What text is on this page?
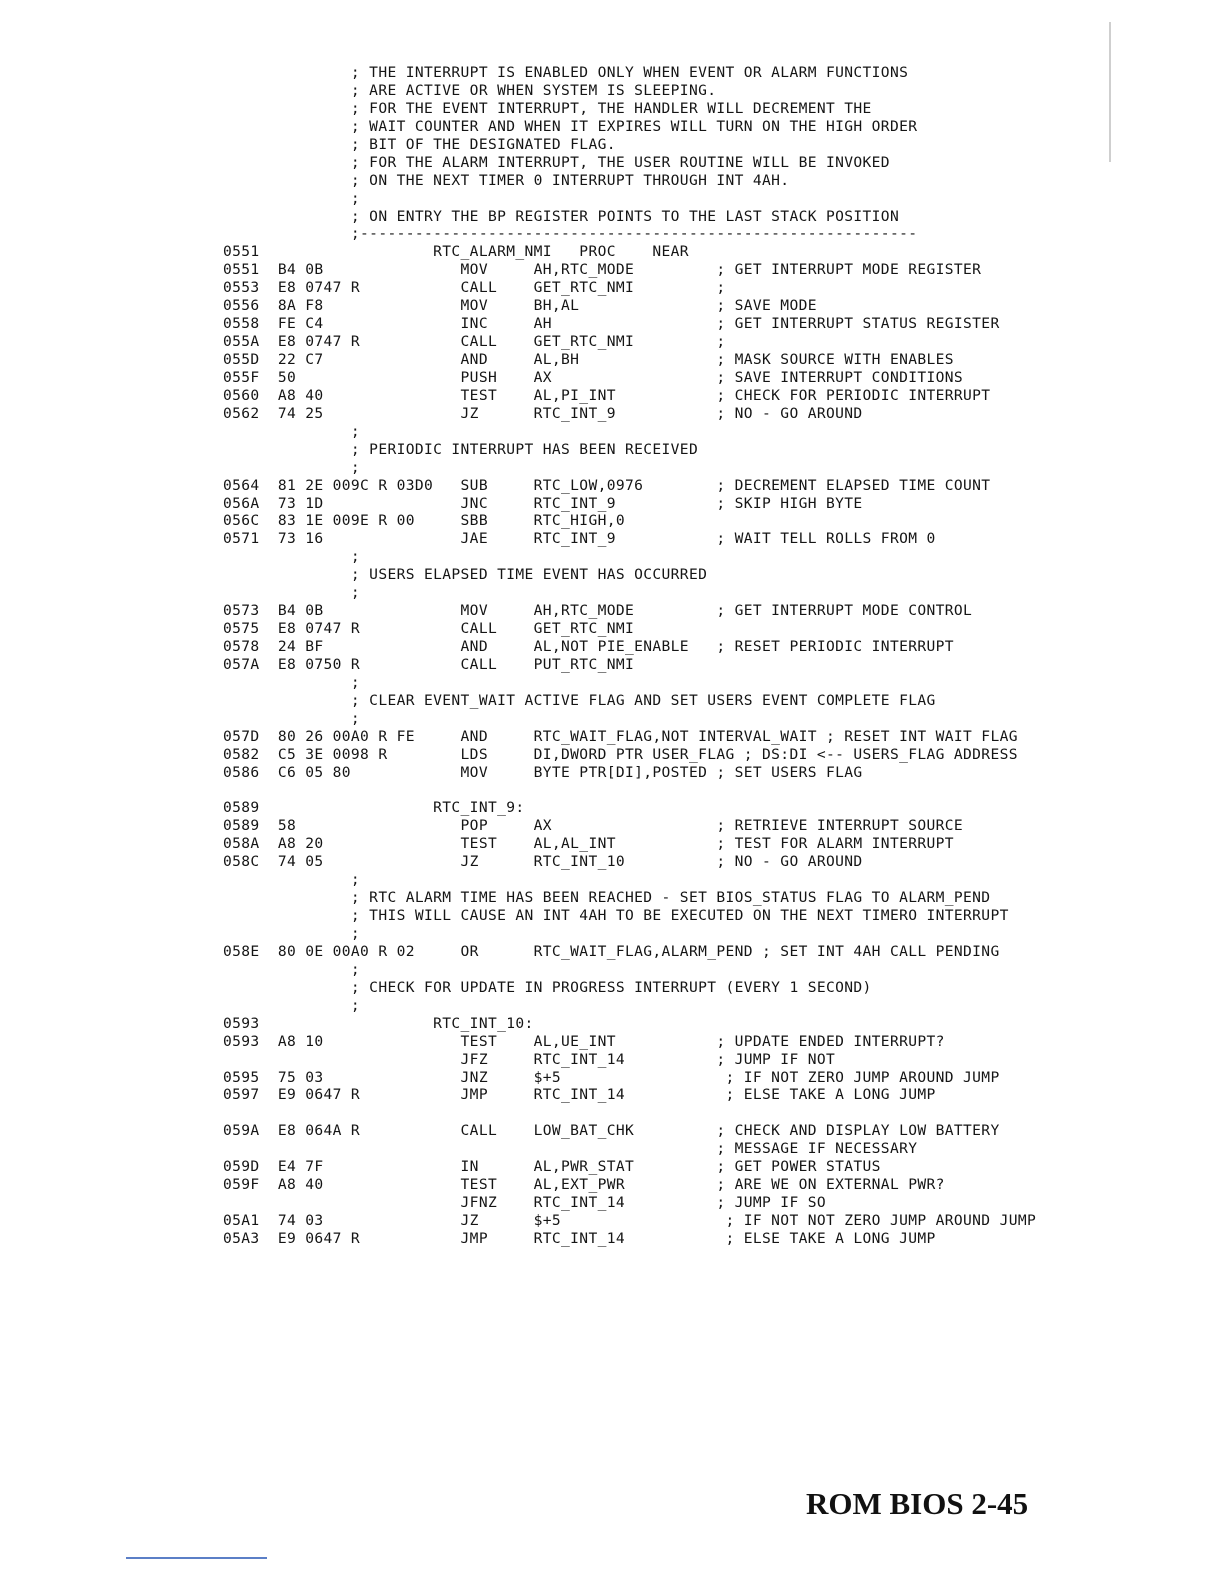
; THE INTERRUPT IS ENABLED ONLY WHEN EVENT OR ALARM FUNCTIONS
; ARE ACTIVE OR WHEN SYSTEM IS SLEEPING.
; FOR THE EVENT INTERRUPT, THE HANDLER WILL DECREMENT THE
; WAIT COUNTER AND WHEN IT EXPIRES WILL TURN ON THE HIGH ORDER
; BIT OF THE DESIGNATED FLAG.
; FOR THE ALARM INTERRUPT, THE USER ROUTINE WILL BE INVOKED
; ON THE NEXT TIMER 0 INTERRUPT THROUGH INT 4AH.
;
; ON ENTRY THE BP REGISTER POINTS TO THE LAST STACK POSITION
;-------------------------------------------------------------
0551                   RTC_ALARM_NMI   PROC    NEAR
0551  B4 0B               MOV     AH,RTC_MODE         ; GET INTERRUPT MODE REGISTER
0553  E8 0747 R           CALL    GET_RTC_NMI         ;
0556  8A F8               MOV     BH,AL               ; SAVE MODE
0558  FE C4               INC     AH                  ; GET INTERRUPT STATUS REGISTER
055A  E8 0747 R           CALL    GET_RTC_NMI         ;
055D  22 C7               AND     AL,BH               ; MASK SOURCE WITH ENABLES
055F  50                  PUSH    AX                  ; SAVE INTERRUPT CONDITIONS
0560  A8 40               TEST    AL,PI_INT           ; CHECK FOR PERIODIC INTERRUPT
0562  74 25               JZ      RTC_INT_9           ; NO - GO AROUND
;
; PERIODIC INTERRUPT HAS BEEN RECEIVED
;
0564  81 2E 009C R 03D0   SUB     RTC_LOW,0976        ; DECREMENT ELAPSED TIME COUNT
056A  73 1D               JNC     RTC_INT_9           ; SKIP HIGH BYTE
056C  83 1E 009E R 00     SBB     RTC_HIGH,0
0571  73 16               JAE     RTC_INT_9           ; WAIT TELL ROLLS FROM 0
;
; USERS ELAPSED TIME EVENT HAS OCCURRED
;
0573  B4 0B               MOV     AH,RTC_MODE         ; GET INTERRUPT MODE CONTROL
0575  E8 0747 R           CALL    GET_RTC_NMI
0578  24 BF               AND     AL,NOT PIE_ENABLE   ; RESET PERIODIC INTERRUPT
057A  E8 0750 R           CALL    PUT_RTC_NMI
;
; CLEAR EVENT_WAIT ACTIVE FLAG AND SET USERS EVENT COMPLETE FLAG
;
057D  80 26 00A0 R FE     AND     RTC_WAIT_FLAG,NOT INTERVAL_WAIT ; RESET INT WAIT FLAG
0582  C5 3E 0098 R        LDS     DI,DWORD PTR USER_FLAG ; DS:DI <-- USERS_FLAG ADDRESS
0586  C6 05 80            MOV     BYTE PTR[DI],POSTED ; SET USERS FLAG
0589                   RTC_INT_9:
0589  58                  POP     AX                  ; RETRIEVE INTERRUPT SOURCE
058A  A8 20               TEST    AL,AL_INT           ; TEST FOR ALARM INTERRUPT
058C  74 05               JZ      RTC_INT_10          ; NO - GO AROUND
;
; RTC ALARM TIME HAS BEEN REACHED - SET BIOS_STATUS FLAG TO ALARM_PEND
; THIS WILL CAUSE AN INT 4AH TO BE EXECUTED ON THE NEXT TIMERO INTERRUPT
;
058E  80 0E 00A0 R 02     OR      RTC_WAIT_FLAG,ALARM_PEND ; SET INT 4AH CALL PENDING
;
; CHECK FOR UPDATE IN PROGRESS INTERRUPT (EVERY 1 SECOND)
;
0593                   RTC_INT_10:
0593  A8 10               TEST    AL,UE_INT           ; UPDATE ENDED INTERRUPT?
JFZ     RTC_INT_14          ; JUMP IF NOT
0595  75 03               JNZ     $+5                  ; IF NOT ZERO JUMP AROUND JUMP
0597  E9 0647 R           JMP     RTC_INT_14           ; ELSE TAKE A LONG JUMP
059A  E8 064A R           CALL    LOW_BAT_CHK         ; CHECK AND DISPLAY LOW BATTERY
; MESSAGE IF NECESSARY
059D  E4 7F               IN      AL,PWR_STAT         ; GET POWER STATUS
059F  A8 40               TEST    AL,EXT_PWR          ; ARE WE ON EXTERNAL PWR?
JFNZ    RTC_INT_14          ; JUMP IF SO
05A1  74 03               JZ      $+5                  ; IF NOT NOT ZERO JUMP AROUND JUMP
05A3  E9 0647 R           JMP     RTC_INT_14           ; ELSE TAKE A LONG JUMP
ROM BIOS 2-45
